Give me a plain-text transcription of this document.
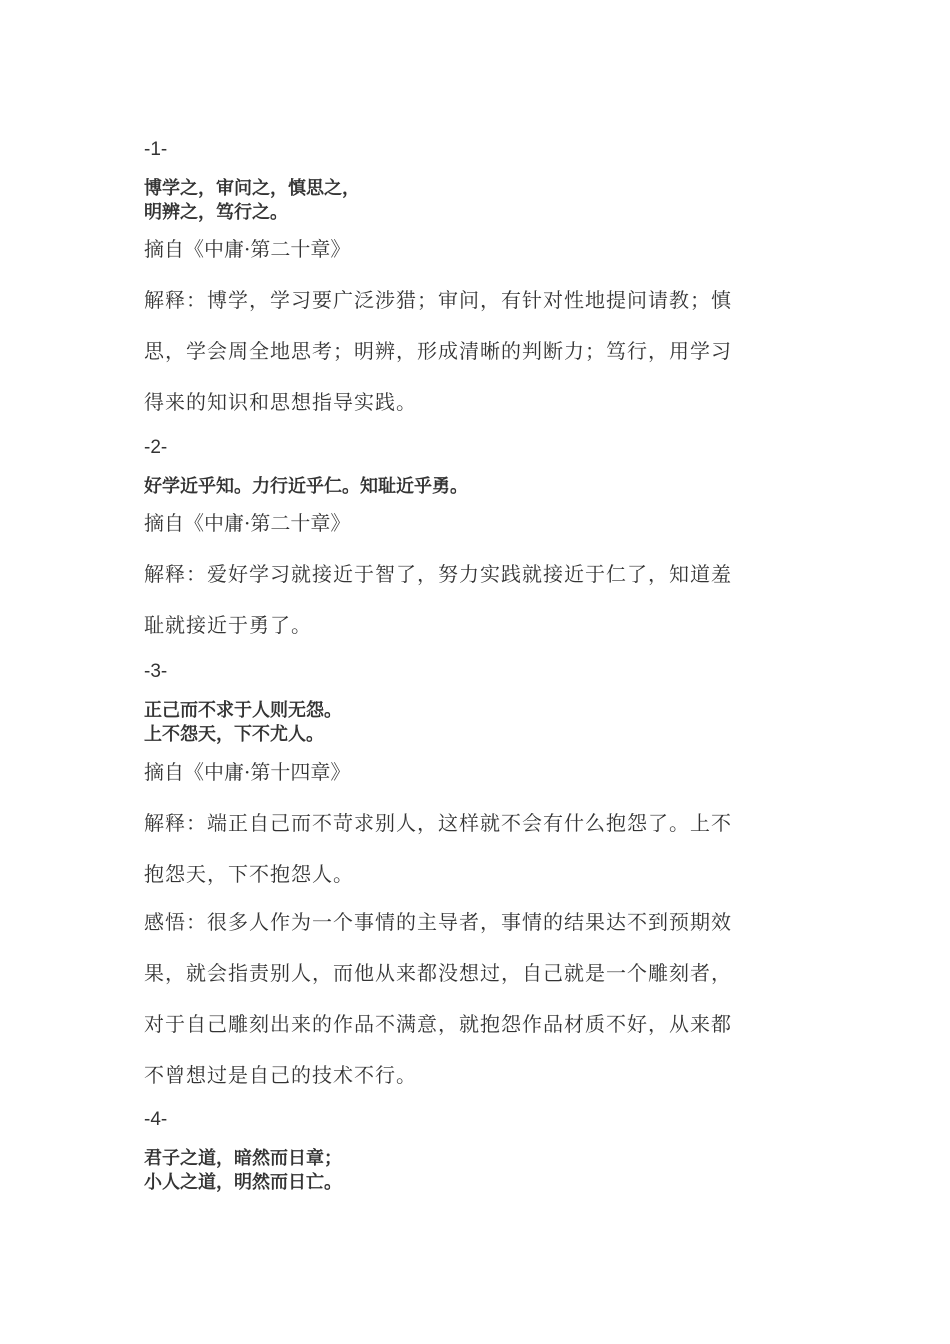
-1-
博学之，审问之，慎思之，
明辨之，笃行之。
摘自《中庸·第二十章》
解释：博学，学习要广泛涉猎；审问，有针对性地提问请教；慎
思，学会周全地思考；明辨，形成清晰的判断力；笃行，用学习
得来的知识和思想指导实践。
-2-
好学近乎知。力行近乎仁。知耻近乎勇。
摘自《中庸·第二十章》
解释：爱好学习就接近于智了，努力实践就接近于仁了，知道羞
耻就接近于勇了。
-3-
正己而不求于人则无怨。
上不怨天，下不尤人。
摘自《中庸·第十四章》
解释：端正自己而不苛求别人，这样就不会有什么抱怨了。上不
抱怨天，下不抱怨人。
感悟：很多人作为一个事情的主导者，事情的结果达不到预期效
果，就会指责别人，而他从来都没想过，自己就是一个雕刻者，
对于自己雕刻出来的作品不满意，就抱怨作品材质不好，从来都
不曾想过是自己的技术不行。
-4-
君子之道，暗然而日章；
小人之道，明然而日亡。
